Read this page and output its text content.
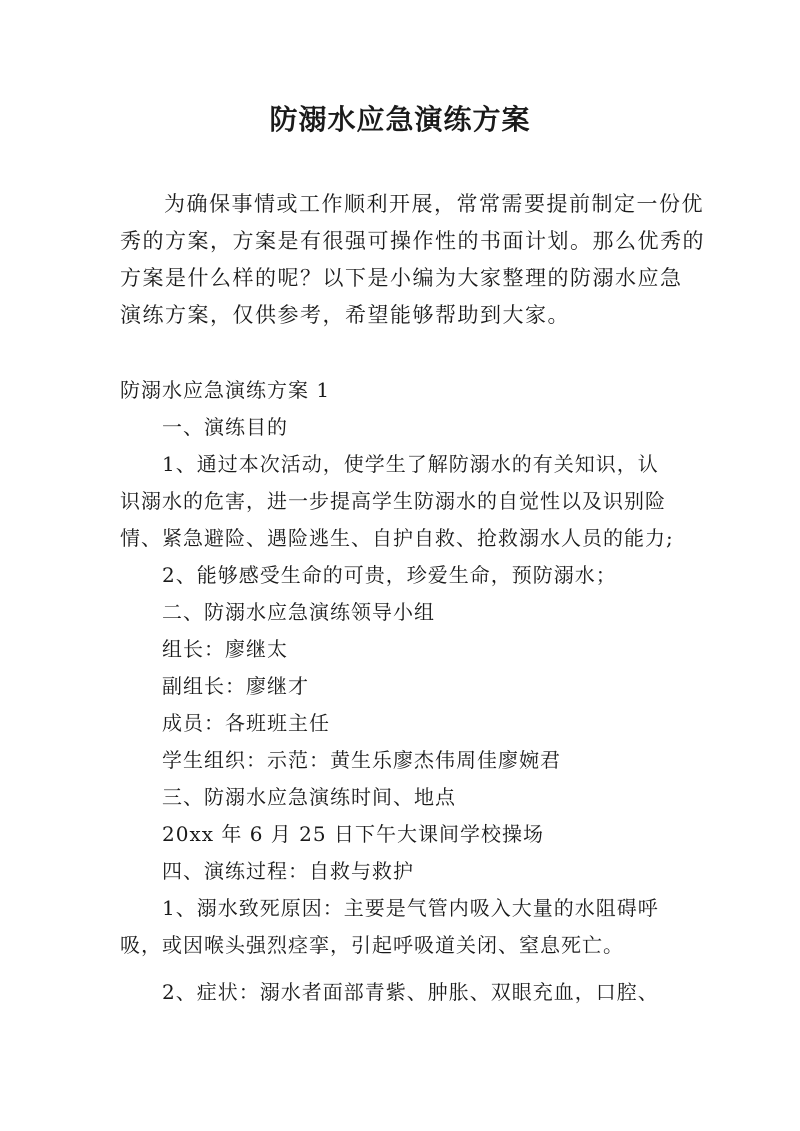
防溺水应急演练方案
为确保事情或工作顺利开展，常常需要提前制定一份优
秀的方案，方案是有很强可操作性的书面计划。那么优秀的
方案是什么样的呢？以下是小编为大家整理的防溺水应急
演练方案，仅供参考，希望能够帮助到大家。
防溺水应急演练方案 1
一、演练目的
1、通过本次活动，使学生了解防溺水的有关知识，认
识溺水的危害，进一步提高学生防溺水的自觉性以及识别险
情、紧急避险、遇险逃生、自护自救、抢救溺水人员的能力;
2、能够感受生命的可贵，珍爱生命，预防溺水；
二、防溺水应急演练领导小组
组长：廖继太
副组长：廖继才
成员：各班班主任
学生组织：示范：黄生乐廖杰伟周佳廖婉君
三、防溺水应急演练时间、地点
20xx 年 6 月 25 日下午大课间学校操场
四、演练过程：自救与救护
1、溺水致死原因：主要是气管内吸入大量的水阻碍呼
吸，或因喉头强烈痉挛，引起呼吸道关闭、窒息死亡。
2、症状：溺水者面部青紫、肿胀、双眼充血，口腔、
